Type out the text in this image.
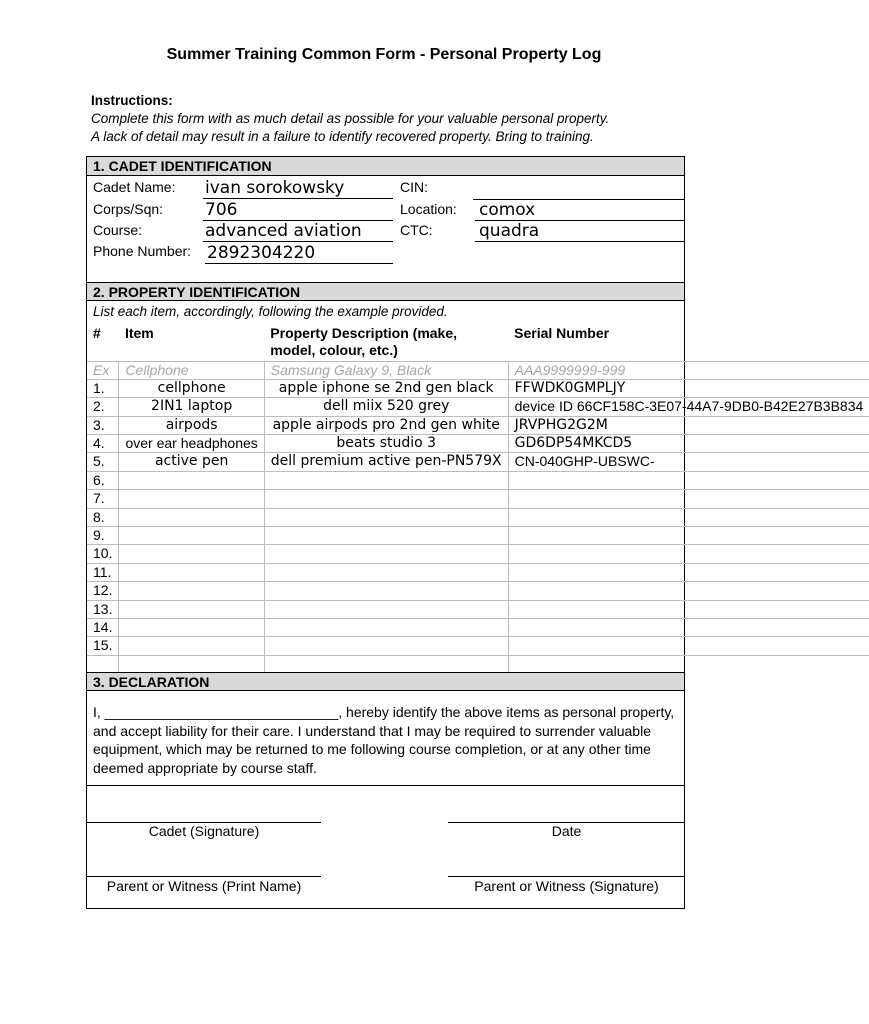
Summer Training Common Form - Personal Property Log
Instructions:
Complete this form with as much detail as possible for your valuable personal property.
A lack of detail may result in a failure to identify recovered property. Bring to training.
1. CADET IDENTIFICATION
Cadet Name: ivan sorokowsky
Corps/Sqn: 706
Course:	advanced aviation
Phone Number: 2892304220
CIN:
Location: comox
CTC:	quadra
2. PROPERTY IDENTIFICATION
List each item, accordingly, following the example provided.
#	Item	Property Description (make, model, colour, etc.)	Serial Number
Ex	Cellphone	Samsung Galaxy 9, Black	AAA9999999-999
1.	cellphone	apple iphone se 2nd gen black	FFWDK0GMPLJY
2.	2IN1 laptop	dell miix 520 grey	device ID 66CF158C-3E07-44A7-9DB0-B42E27B3B834
3.	airpods	apple airpods pro 2nd gen white	JRVPHG2G2M
4.	over ear headphones	beats studio 3	GD6DP54MKCD5
5.	active pen	dell premium active pen-PN579X	CN-040GHP-UBSWC-
6.			
7.			
8.			
9.			
10.			
11.			
12.			
13.			
14.			
15.			

3. DECLARATION
I, ______________________________, hereby identify the above items as personal property, and accept liability for their care. I understand that I may be required to surrender valuable equipment, which may be returned to me following course completion, or at any other time deemed appropriate by course staff.
Cadet (Signature)	Date
Parent or Witness (Print Name)	Parent or Witness (Signature)
